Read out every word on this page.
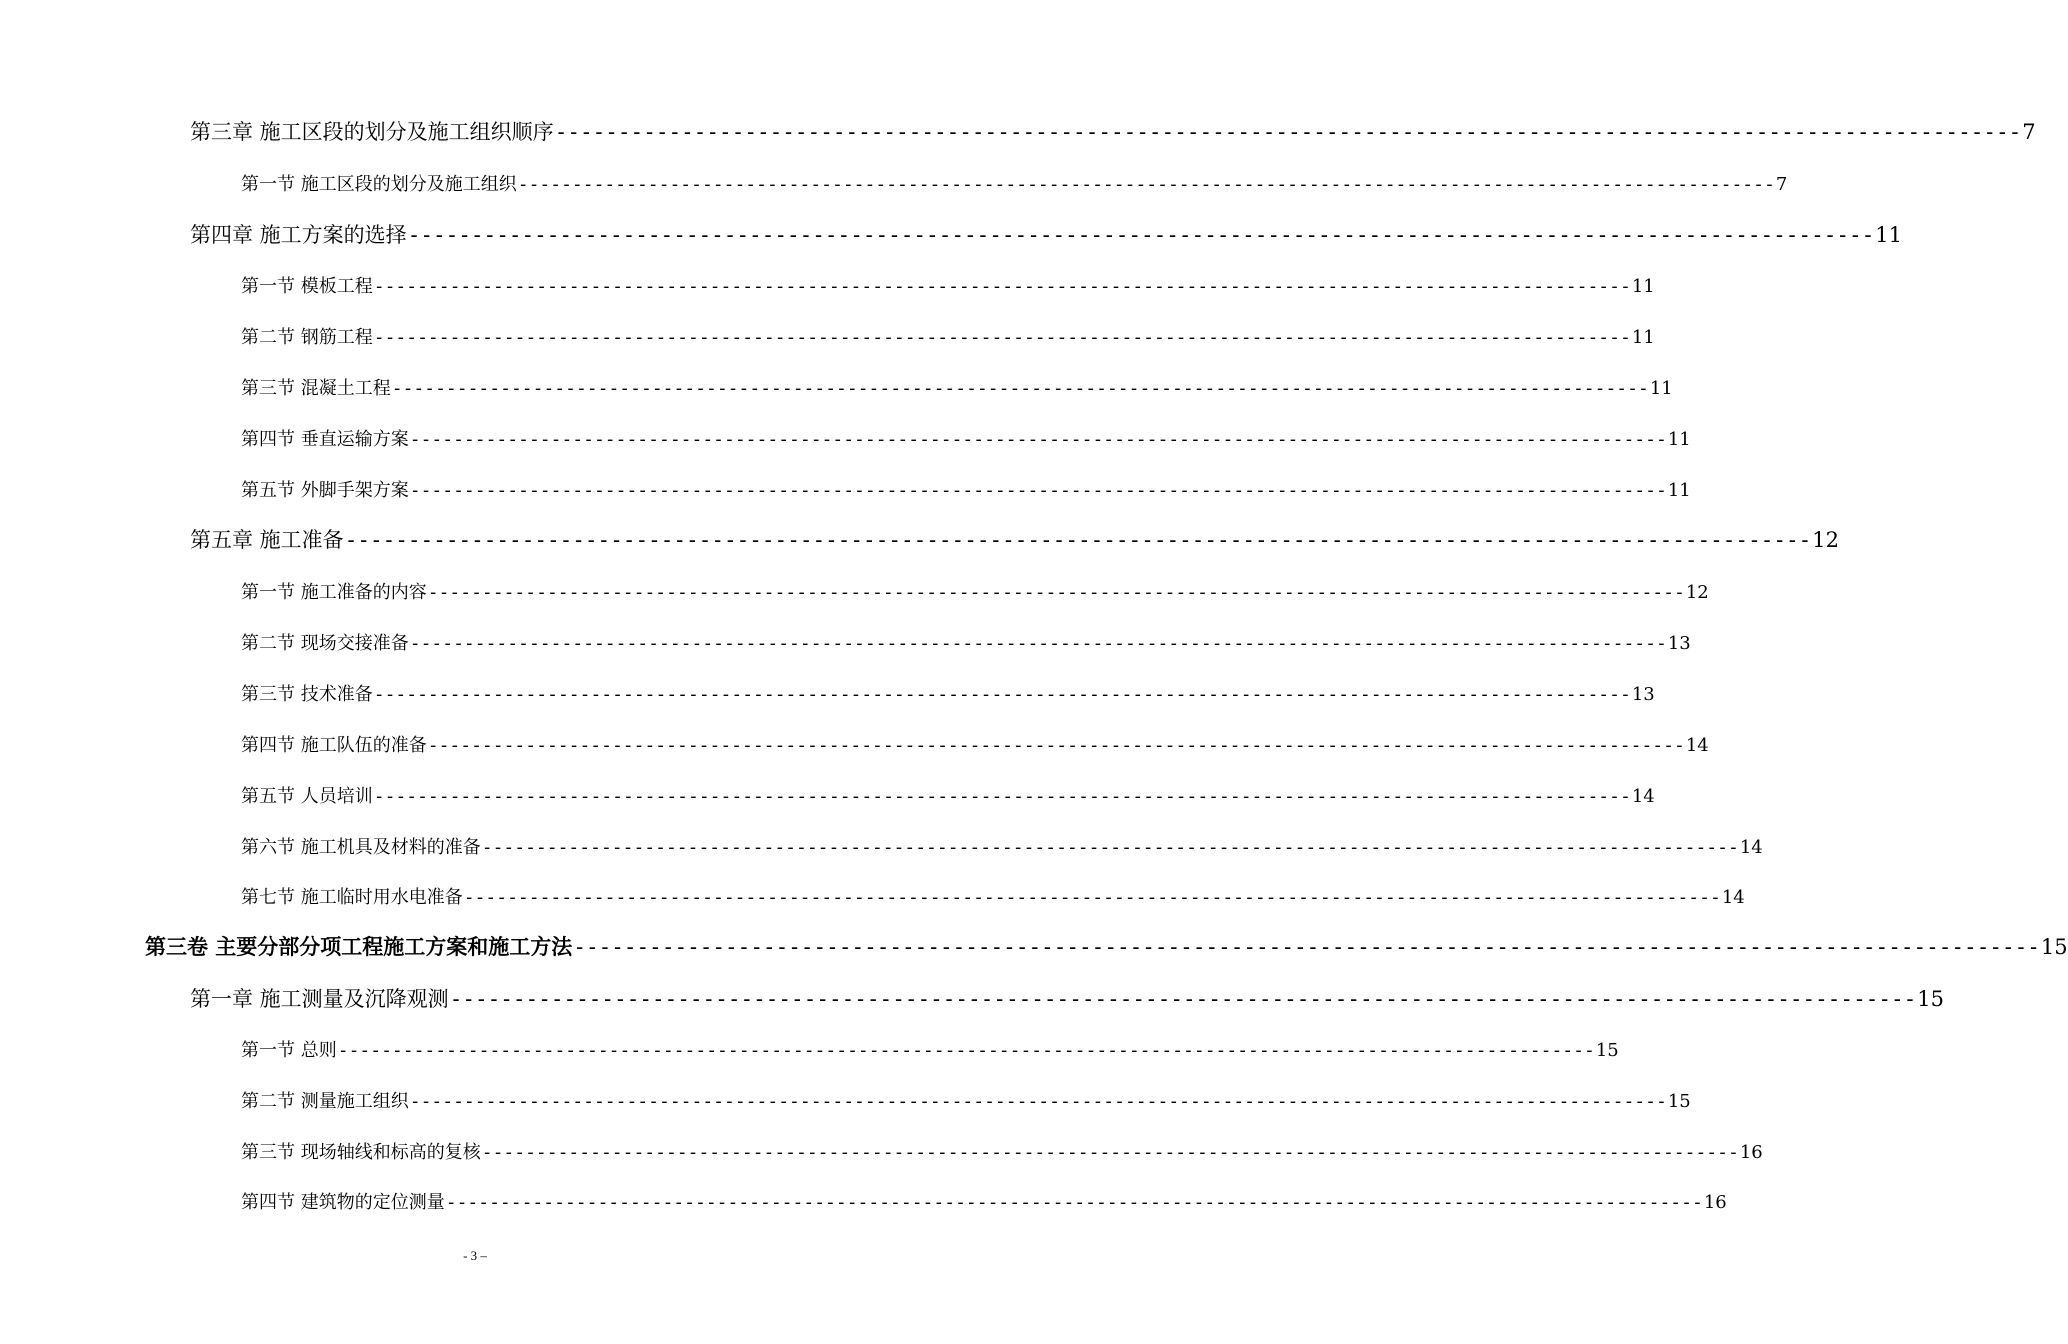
第三章 施工区段的划分及施工组织顺序 -------------------------------------------------------------------------------------------------------------------- 7
第一节 施工区段的划分及施工组织 -------------------------------------------------------------------------------------------------------------------- 7
第四章 施工方案的选择 -------------------------------------------------------------------------------------------------------------------- 11
第一节 模板工程 -------------------------------------------------------------------------------------------------------------------- 11
第二节 钢筋工程 -------------------------------------------------------------------------------------------------------------------- 11
第三节 混凝土工程 -------------------------------------------------------------------------------------------------------------------- 11
第四节 垂直运输方案 -------------------------------------------------------------------------------------------------------------------- 11
第五节 外脚手架方案 -------------------------------------------------------------------------------------------------------------------- 11
第五章 施工准备 -------------------------------------------------------------------------------------------------------------------- 12
第一节 施工准备的内容 -------------------------------------------------------------------------------------------------------------------- 12
第二节 现场交接准备 -------------------------------------------------------------------------------------------------------------------- 13
第三节 技术准备 -------------------------------------------------------------------------------------------------------------------- 13
第四节 施工队伍的准备 -------------------------------------------------------------------------------------------------------------------- 14
第五节 人员培训 -------------------------------------------------------------------------------------------------------------------- 14
第六节 施工机具及材料的准备 -------------------------------------------------------------------------------------------------------------------- 14
第七节 施工临时用水电准备 -------------------------------------------------------------------------------------------------------------------- 14
第三卷 主要分部分项工程施工方案和施工方法 -------------------------------------------------------------------------------------------------------------------- 15
第一章 施工测量及沉降观测 -------------------------------------------------------------------------------------------------------------------- 15
第一节 总则 -------------------------------------------------------------------------------------------------------------------- 15
第二节 测量施工组织 -------------------------------------------------------------------------------------------------------------------- 15
第三节 现场轴线和标高的复核 -------------------------------------------------------------------------------------------------------------------- 16
第四节 建筑物的定位测量 -------------------------------------------------------------------------------------------------------------------- 16
- 3 –
